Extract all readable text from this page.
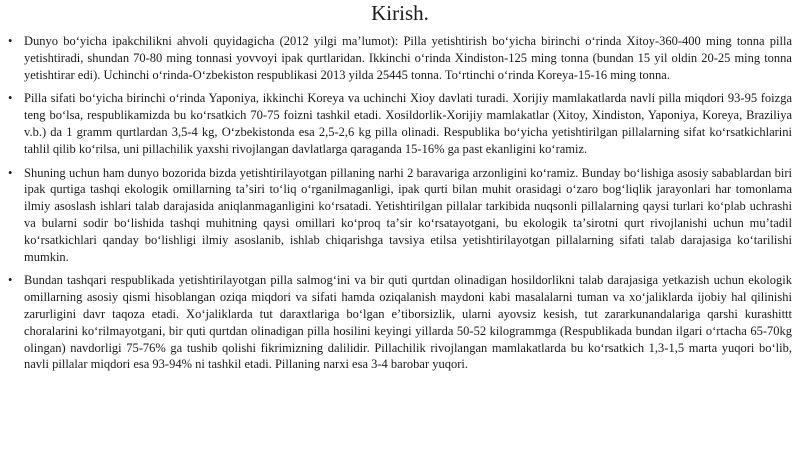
Kirish.
• Dunyo boʻyicha ipakchilikni ahvoli quyidagicha (2012 yilgi maʼlumot): Pilla yetishtirish boʻyicha birinchi oʻrinda Xitoy-360-400 ming tonna pilla yetishtiradi, shundan 70-80 ming tonnasi yovvoyi ipak qurtlaridan. Ikkinchi oʻrinda Xindiston-125 ming tonna (bundan 15 yil oldin 20-25 ming tonna yetishtirar edi). Uchinchi oʻrinda-Oʻzbekiston respublikasi 2013 yilda 25445 tonna. Toʻrtinchi oʻrinda Koreya-15-16 ming tonna.
• Pilla sifati boʻyicha birinchi oʻrinda Yaponiya, ikkinchi Koreya va uchinchi Xioy davlati turadi. Xorijiy mamlakatlarda navli pilla miqdori 93-95 foizga teng boʻlsa, respublikamizda bu koʻrsatkich 70-75 foizni tashkil etadi. Xosildorlik-Xorijiy mamlakatlar (Xitoy, Xindiston, Yaponiya, Koreya, Braziliya v.b.) da 1 gramm qurtlardan 3,5-4 kg, Oʻzbekistonda esa 2,5-2,6 kg pilla olinadi. Respublika boʻyicha yetishtirilgan pillalarning sifat koʻrsatkichlarini tahlil qilib koʻrilsa, uni pillachilik yaxshi rivojlangan davlatlarga qaraganda 15-16% ga past ekanligini koʻramiz.
• Shuning uchun ham dunyo bozorida bizda yetishtirilayotgan pillaning narhi 2 baravariga arzonligini koʻramiz. Bunday boʻlishiga asosiy sabablardan biri ipak qurtiga tashqi ekologik omillarning taʼsiri toʻliq oʻrganilmaganligi, ipak qurti bilan muhit orasidagi oʻzaro bogʻliqlik jarayonlari har tomonlama ilmiy asoslash ishlari talab darajasida aniqlanmaganligini koʻrsatadi. Yetishtirilgan pillalar tarkibida nuqsonli pillalarning qaysi turlari koʻplab uchrashi va bularni sodir boʻlishida tashqi muhitning qaysi omillari koʻproq taʼsir koʻrsatayotgani, bu ekologik taʼsirotni qurt rivojlanishi uchun muʼtadil koʻrsatkichlari qanday boʻlishligi ilmiy asoslanib, ishlab chiqarishga tavsiya etilsa yetishtirilayotgan pillalarning sifati talab darajasiga koʻtarilishi mumkin.
• Bundan tashqari respublikada yetishtirilayotgan pilla salmogʻini va bir quti qurtdan olinadigan hosildorlikni talab darajasiga yetkazish uchun ekologik omillarning asosiy qismi hisoblangan oziqa miqdori va sifati hamda oziqalanish maydoni kabi masalalarni tuman va xoʻjaliklarda ijobiy hal qilinishi zarurligini davr taqoza etadi. Xoʻjaliklarda tut daraxtlariga boʻlgan eʼtiborsizlik, ularni ayovsiz kesish, tut zararkunandalariga qarshi kurashittt choralarini koʻrilmayotgani, bir quti qurtdan olinadigan pilla hosilini keyingi yillarda 50-52 kilogrammga (Respublikada bundan ilgari oʻrtacha 65-70kg olingan) navdorligi 75-76% ga tushib qolishi fikrimizning dalilidir. Pillachilik rivojlangan mamlakatlarda bu koʻrsatkich 1,3-1,5 marta yuqori boʻlib, navli pillalar miqdori esa 93-94% ni tashkil etadi. Pillaning narxi esa 3-4 barobar yuqori.
